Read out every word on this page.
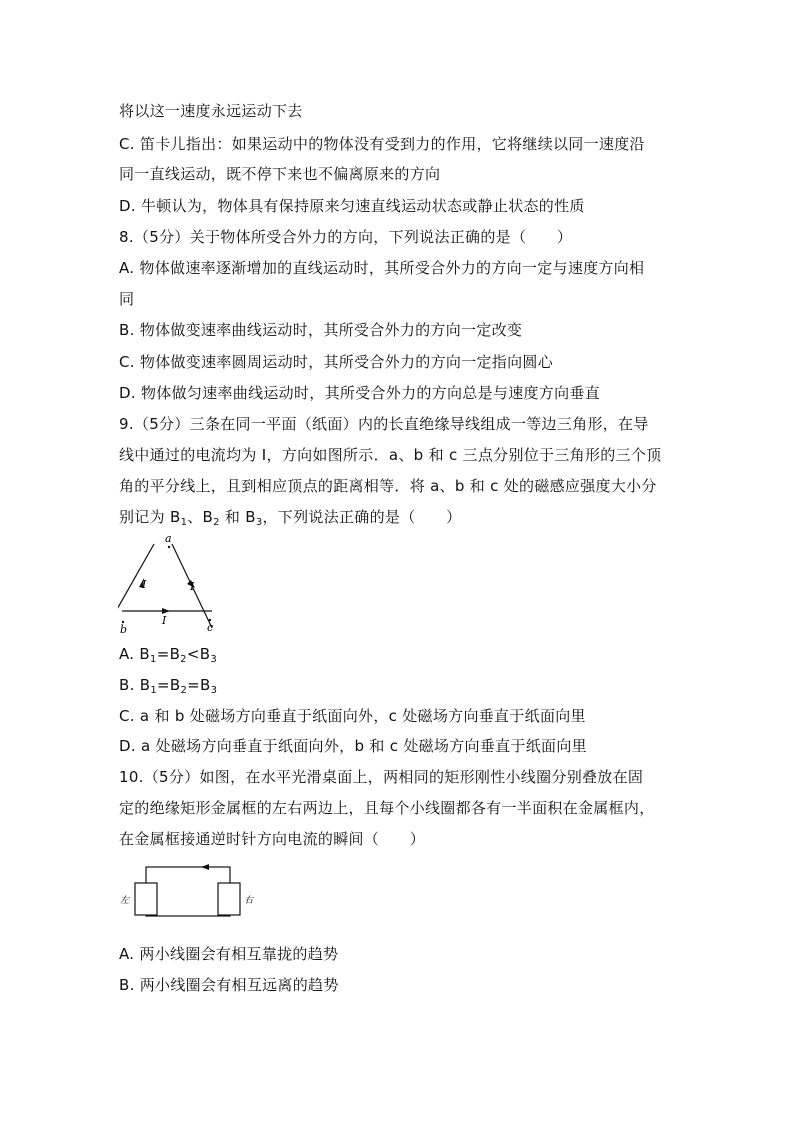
将以这一速度永远运动下去
C. 笛卡儿指出：如果运动中的物体没有受到力的作用，它将继续以同一速度沿
同一直线运动，既不停下来也不偏离原来的方向
D. 牛顿认为，物体具有保持原来匀速直线运动状态或静止状态的性质
8.（5分）关于物体所受合外力的方向，下列说法正确的是（　　）
A. 物体做速率逐渐增加的直线运动时，其所受合外力的方向一定与速度方向相
同
B. 物体做变速率曲线运动时，其所受合外力的方向一定改变
C. 物体做变速率圆周运动时，其所受合外力的方向一定指向圆心
D. 物体做匀速率曲线运动时，其所受合外力的方向总是与速度方向垂直
9.（5分）三条在同一平面（纸面）内的长直绝缘导线组成一等边三角形，在导
线中通过的电流均为 I，方向如图所示．a、b 和 c 三点分别位于三角形的三个顶
角的平分线上，且到相应顶点的距离相等．将 a、b 和 c 处的磁感应强度大小分
别记为 $B_1$、$B_2$ 和 $B_3$，下列说法正确的是（　　）
a
b	c
I	I
I
A. $B_1=B_2<B_3$
B. $B_1=B_2=B_3$
C. a 和 b 处磁场方向垂直于纸面向外，c 处磁场方向垂直于纸面向里
D. a 处磁场方向垂直于纸面向外，b 和 c 处磁场方向垂直于纸面向里
10.（5分）如图，在水平光滑桌面上，两相同的矩形刚性小线圈分别叠放在固
定的绝缘矩形金属框的左右两边上，且每个小线圈都各有一半面积在金属框内，
在金属框接通逆时针方向电流的瞬间（　　）
左	右
A. 两小线圈会有相互靠拢的趋势
B. 两小线圈会有相互远离的趋势
